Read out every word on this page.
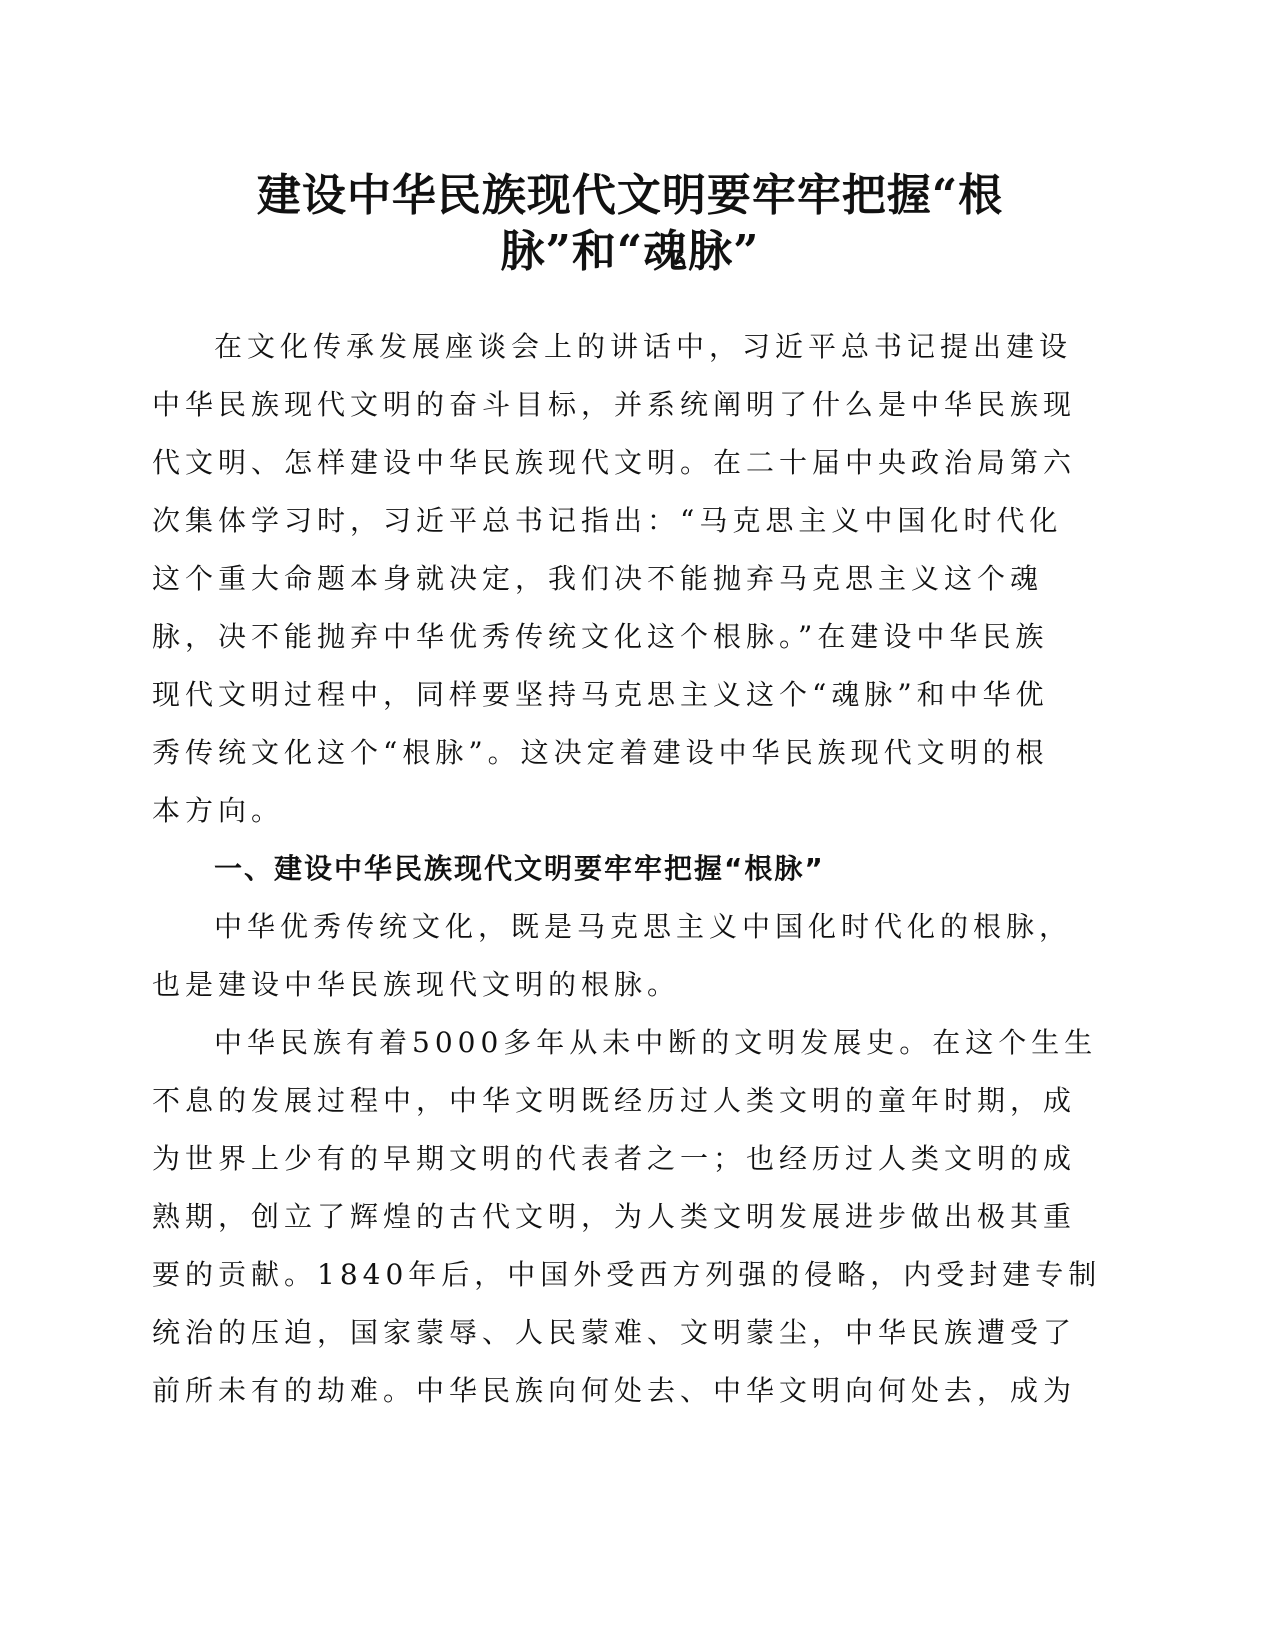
建设中华民族现代文明要牢牢把握“根
脉”和“魂脉”
在文化传承发展座谈会上的讲话中，习近平总书记提出建设
中华民族现代文明的奋斗目标，并系统阐明了什么是中华民族现
代文明、怎样建设中华民族现代文明。在二十届中央政治局第六
次集体学习时，习近平总书记指出：“马克思主义中国化时代化
这个重大命题本身就决定，我们决不能抛弃马克思主义这个魂
脉，决不能抛弃中华优秀传统文化这个根脉。”在建设中华民族
现代文明过程中，同样要坚持马克思主义这个“魂脉”和中华优
秀传统文化这个“根脉”。这决定着建设中华民族现代文明的根
本方向。
一、建设中华民族现代文明要牢牢把握“根脉”
中华优秀传统文化，既是马克思主义中国化时代化的根脉，
也是建设中华民族现代文明的根脉。
中华民族有着5000多年从未中断的文明发展史。在这个生生
不息的发展过程中，中华文明既经历过人类文明的童年时期，成
为世界上少有的早期文明的代表者之一；也经历过人类文明的成
熟期，创立了辉煌的古代文明，为人类文明发展进步做出极其重
要的贡献。1840年后，中国外受西方列强的侵略，内受封建专制
统治的压迫，国家蒙辱、人民蒙难、文明蒙尘，中华民族遭受了
前所未有的劫难。中华民族向何处去、中华文明向何处去，成为
